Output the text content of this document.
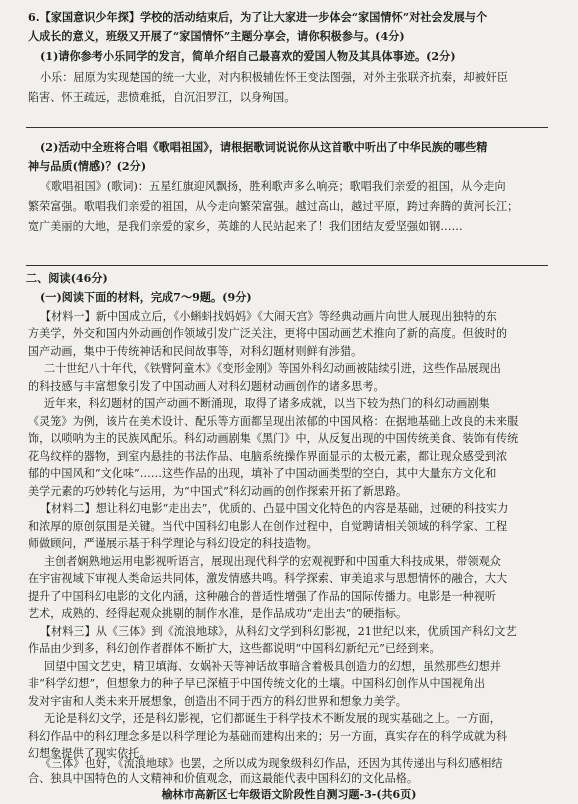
6.【家国意识少年探】学校的活动结束后，为了让大家进一步体会“家国情怀”对社会发展与个
人成长的意义，班级又开展了“家国情怀”主题分享会，请你积极参与。(4分)
(1)请你参考小乐同学的发言，简单介绍自己最喜欢的爱国人物及其具体事迹。(2分)
小乐：屈原为实现楚国的统一大业，对内积极辅佐怀王变法图强，对外主张联齐抗秦，却被奸臣
陷害、怀王疏远，悲愤难抵，自沉汨罗江，以身殉国。
(2)活动中全班将合唱《歌唱祖国》，请根据歌词说说你从这首歌中听出了中华民族的哪些精
神与品质(情感)？(2分)
《歌唱祖国》(歌词)：五星红旗迎风飘扬，胜利歌声多么响亮；歌唱我们亲爱的祖国，从今走向
繁荣富强。歌唱我们亲爱的祖国，从今走向繁荣富强。越过高山，越过平原，跨过奔腾的黄河长江；
宽广美丽的大地，是我们亲爱的家乡，英雄的人民站起来了！我们团结友爱坚强如钢……
二、阅读(46分)
(一)阅读下面的材料，完成7～9题。(9分)
【材料一】新中国成立后，《小蝌蚪找妈妈》《大闹天宫》等经典动画片向世人展现出独特的东
方美学，外交和国内外动画创作领域引发广泛关注，更将中国动画艺术推向了新的高度。但彼时的
国产动画，集中于传统神话和民间故事等，对科幻题材则鲜有涉猎。
二十世纪八十年代，《铁臂阿童木》《变形金刚》等国外科幻动画被陆续引进，这些作品展现出
的科技感与丰富想象引发了中国动画人对科幻题材动画创作的诸多思考。
近年来，科幻题材的国产动画不断涌现，取得了诸多成就，以当下较为热门的科幻动画剧集
《灵笼》为例，该片在美术设计、配乐等方面都呈现出浓郁的中国风格：在据地基础上改良的未来服
饰，以唢呐为主的民族风配乐。科幻动画剧集《黑门》中，从反复出现的中国传统美食、装饰有传统
花鸟纹样的器物，到室内悬挂的书法作品、电脑系统操作界面显示的太极元素，都让现众感受到浓
郁的中国风和“文化味”……这些作品的出现，填补了中国动画类型的空白，其中大量东方文化和
美学元素的巧妙转化与运用，为“中国式”科幻动画的创作探索开拓了新思路。
【材料二】想让科幻电影“走出去”，优质的、凸显中国文化特色的内容是基础，过硬的科技实力
和浓厚的原创氛围是关键。当代中国科幻电影人在创作过程中，自觉聘请相关领域的科学家、工程
师做顾问，严谨展示基于科学理论与科幻设定的科技造物。
主创者娴熟地运用电影视听语言，展现出现代科学的宏观视野和中国重大科技成果，带领观众
在宇宙视域下审视人类命运共同体，激发情感共鸣。科学探索、审美追求与思想情怀的融合，大大
提升了中国科幻电影的文化内涵，这种融合的普适性增强了作品的国际传播力。电影是一种视听
艺术，成熟的、经得起观众挑剔的制作水准，是作品成功“走出去”的硬指标。
【材料三】从《三体》到《流浪地球》，从科幻文学到科幻影视，21世纪以来，优质国产科幻文艺
作品由少到多，科幻创作者群体不断扩大，这些都说明“中国科幻新纪元”已经到来。
回望中国文艺史，精卫填海、女娲补天等神话故事暗含着极具创造力的幻想，虽然那些幻想并
非“科学幻想”，但想象力的种子早已深植于中国传统文化的土壤。中国科幻创作从中国视角出
发对宇宙和人类未来开展想象，创造出不同于西方的科幻世界和想象力美学。
无论是科幻文学，还是科幻影视，它们都诞生于科学技术不断发展的现实基础之上。一方面，
科幻作品中的科幻理念多是以科学理论为基础而建构出来的；另一方面，真实存在的科学成就为科
幻想象提供了现实依托。
《三体》也好，《流浪地球》也罢，之所以成为现象级科幻作品，还因为其传递出与科幻感相结
合、独具中国特色的人文精神和价值观念，而这最能代表中国科幻的文化品格。
榆林市高新区七年级语文阶段性自测习题-3-(共6页)
